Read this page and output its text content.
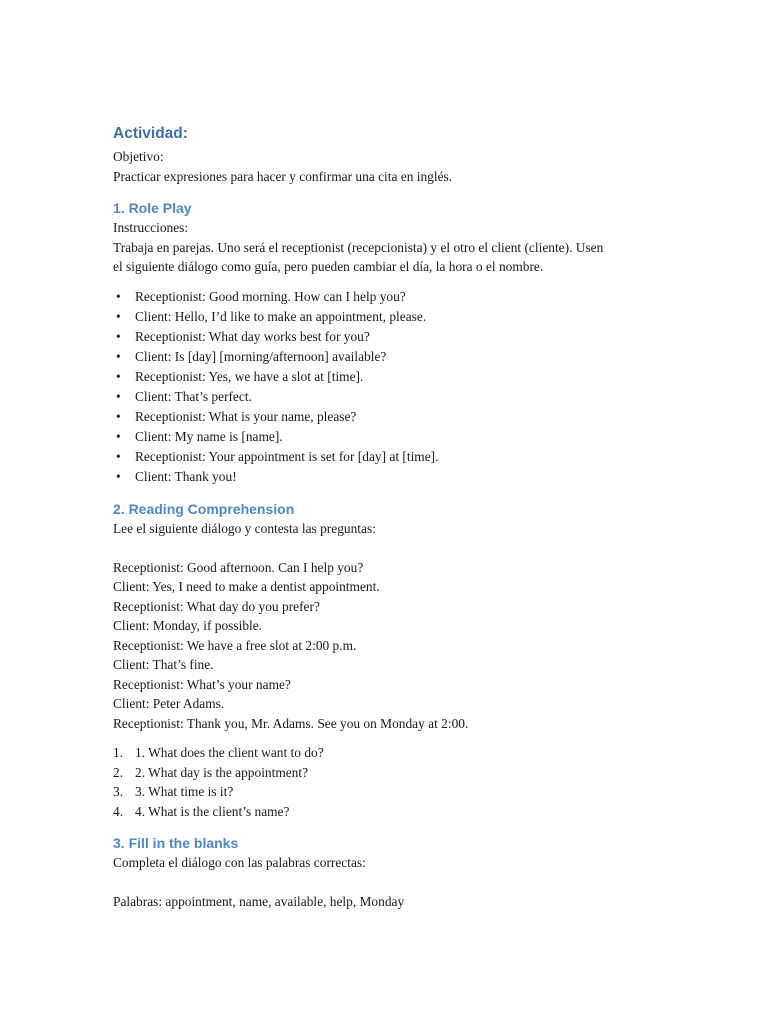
Actividad:

Objetivo:

Practicar expresiones para hacer y confirmar una cita en inglés.

1. Role Play

Instrucciones:

Trabaja en parejas. Uno será el receptionist (recepcionista) y el otro el client (cliente). Usen

el siguiente diálogo como guía, pero pueden cambiar el día, la hora o el nombre.

• Receptionist: Good morning. How can I help you?
• Client: Hello, I’d like to make an appointment, please.
• Receptionist: What day works best for you?
• Client: Is [day] [morning/afternoon] available?
• Receptionist: Yes, we have a slot at [time].
• Client: That’s perfect.
• Receptionist: What is your name, please?
• Client: My name is [name].
• Receptionist: Your appointment is set for [day] at [time].
• Client: Thank you!
2. Reading Comprehension

Lee el siguiente diálogo y contesta las preguntas:

Receptionist: Good afternoon. Can I help you?

Client: Yes, I need to make a dentist appointment.

Receptionist: What day do you prefer?

Client: Monday, if possible.

Receptionist: We have a free slot at 2:00 p.m.

Client: That’s fine.

Receptionist: What’s your name?

Client: Peter Adams.

Receptionist: Thank you, Mr. Adams. See you on Monday at 2:00.

1. 1. What does the client want to do?
2. 2. What day is the appointment?
3. 3. What time is it?
4. 4. What is the client’s name?
3. Fill in the blanks

Completa el diálogo con las palabras correctas:

Palabras: appointment, name, available, help, Monday
